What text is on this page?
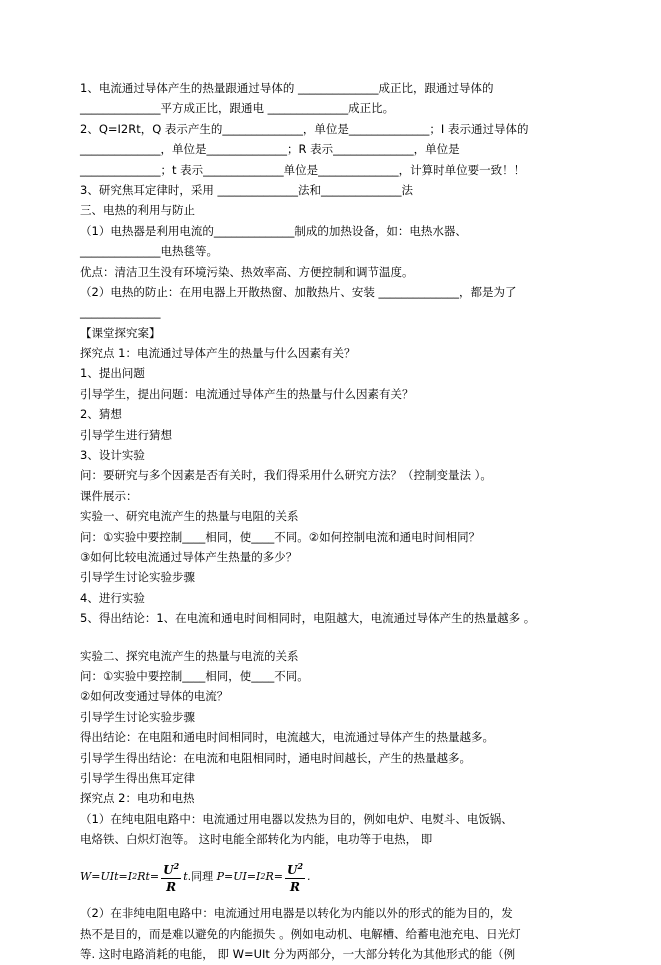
1、电流通过导体产生的热量跟通过导体的 ______________成正比，跟通过导体的
______________平方成正比，跟通电 ______________成正比。
2、Q=I2Rt，Q 表示产生的______________，单位是______________；I 表示通过导体的
______________，单位是______________；R 表示______________，单位是
______________；t 表示______________单位是______________，计算时单位要一致！！
3、研究焦耳定律时，采用 ______________法和______________法
三、电热的利用与防止
（1）电热器是利用电流的______________制成的加热设备，如：电热水器、
______________电热毯等。
优点：清洁卫生没有环境污染、热效率高、方便控制和调节温度。
（2）电热的防止：在用电器上开散热窗、加散热片、安装 ______________，都是为了
______________
【课堂探究案】
探究点 1：电流通过导体产生的热量与什么因素有关？
1、提出问题
引导学生，提出问题：电流通过导体产生的热量与什么因素有关？
2、猜想
引导学生进行猜想
3、设计实验
问：要研究与多个因素是否有关时，我们得采用什么研究方法？（控制变量法 ）。
课件展示：
实验一、研究电流产生的热量与电阻的关系
问：①实验中要控制____相同，使____不同。②如何控制电流和通电时间相同？
③如何比较电流通过导体产生热量的多少？
引导学生讨论实验步骤
4、进行实验
5、得出结论：1、在电流和通电时间相同时，电阻越大，电流通过导体产生的热量越多 。
实验二、探究电流产生的热量与电流的关系
问：①实验中要控制____相同，使____不同。
②如何改变通过导体的电流？
引导学生讨论实验步骤
得出结论：在电阻和通电时间相同时，电流越大，电流通过导体产生的热量越多。
引导学生得出结论：在电流和电阻相同时，通电时间越长，产生的热量越多。
引导学生得出焦耳定律
探究点 2：电功和电热
（1）在纯电阻电路中：电流通过用电器以发热为目的，例如电炉、电熨斗、电饭锅、
电烙铁、白炽灯泡等。 这时电能全部转化为内能，电功等于电热， 即
W=UIt=I 2 $Rt= \frac{U^2}{R}$ t .同理
P=UI=I 2 $R= \frac{U^2}{R}$ .
（2）在非纯电阻电路中：电流通过用电器是以转化为内能以外的形式的能为目的，发
热不是目的，而是难以避免的内能损失 。例如电动机、电解槽、给蓄电池充电、日光灯
等. 这时电路消耗的电能， 即 W=UIt 分为两部分，一大部分转化为其他形式的能（例
